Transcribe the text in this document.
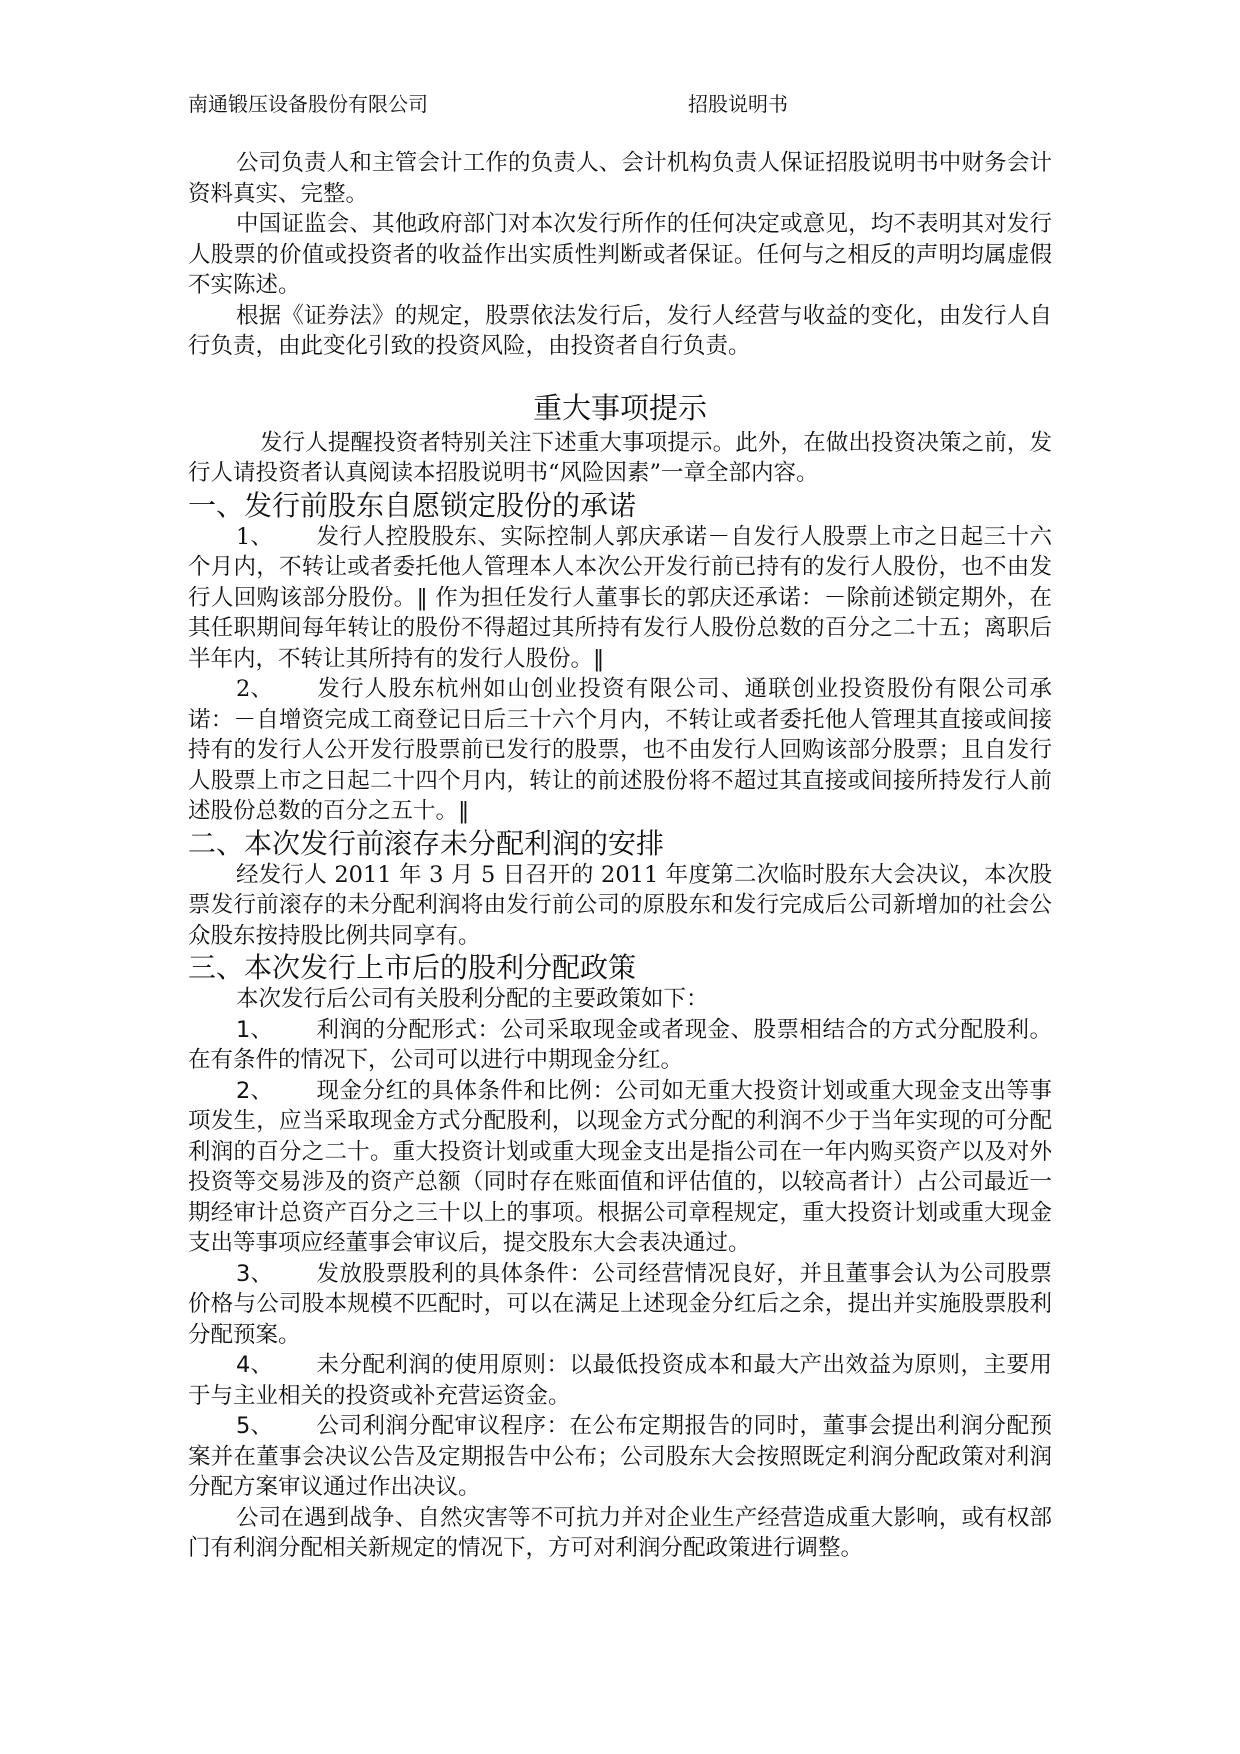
南通锻压设备股份有限公司	招股说明书

公司负责人和主管会计工作的负责人、会计机构负责人保证招股说明书中财务会计资料真实、完整。

中国证监会、其他政府部门对本次发行所作的任何决定或意见，均不表明其对发行人股票的价值或投资者的收益作出实质性判断或者保证。任何与之相反的声明均属虚假不实陈述。

根据《证券法》的规定，股票依法发行后，发行人经营与收益的变化，由发行人自行负责，由此变化引致的投资风险，由投资者自行负责。

重大事项提示

发行人提醒投资者特别关注下述重大事项提示。此外，在做出投资决策之前，发行人请投资者认真阅读本招股说明书“风险因素”一章全部内容。

一、发行前股东自愿锁定股份的承诺

1、 发行人控股股东、实际控制人郭庆承诺－自发行人股票上市之日起三十六个月内，不转让或者委托他人管理本人本次公开发行前已持有的发行人股份，也不由发行人回购该部分股份。‖ 作为担任发行人董事长的郭庆还承诺：－除前述锁定期外，在其任职期间每年转让的股份不得超过其所持有发行人股份总数的百分之二十五；离职后半年内，不转让其所持有的发行人股份。‖

2、 发行人股东杭州如山创业投资有限公司、通联创业投资股份有限公司承诺：－自增资完成工商登记日后三十六个月内，不转让或者委托他人管理其直接或间接持有的发行人公开发行股票前已发行的股票，也不由发行人回购该部分股票；且自发行人股票上市之日起二十四个月内，转让的前述股份将不超过其直接或间接所持发行人前述股份总数的百分之五十。‖

二、本次发行前滚存未分配利润的安排

经发行人 2011 年 3 月 5 日召开的 2011 年度第二次临时股东大会决议，本次股票发行前滚存的未分配利润将由发行前公司的原股东和发行完成后公司新增加的社会公众股东按持股比例共同享有。

三、本次发行上市后的股利分配政策

本次发行后公司有关股利分配的主要政策如下：

1、 利润的分配形式：公司采取现金或者现金、股票相结合的方式分配股利。在有条件的情况下，公司可以进行中期现金分红。

2、 现金分红的具体条件和比例：公司如无重大投资计划或重大现金支出等事项发生，应当采取现金方式分配股利，以现金方式分配的利润不少于当年实现的可分配利润的百分之二十。重大投资计划或重大现金支出是指公司在一年内购买资产以及对外投资等交易涉及的资产总额（同时存在账面值和评估值的，以较高者计）占公司最近一期经审计总资产百分之三十以上的事项。根据公司章程规定，重大投资计划或重大现金支出等事项应经董事会审议后，提交股东大会表决通过。

3、 发放股票股利的具体条件：公司经营情况良好，并且董事会认为公司股票价格与公司股本规模不匹配时，可以在满足上述现金分红后之余，提出并实施股票股利分配预案。

4、 未分配利润的使用原则：以最低投资成本和最大产出效益为原则，主要用于与主业相关的投资或补充营运资金。

5、 公司利润分配审议程序：在公布定期报告的同时，董事会提出利润分配预案并在董事会决议公告及定期报告中公布；公司股东大会按照既定利润分配政策对利润分配方案审议通过作出决议。

公司在遇到战争、自然灾害等不可抗力并对企业生产经营造成重大影响，或有权部门有利润分配相关新规定的情况下，方可对利润分配政策进行调整。
